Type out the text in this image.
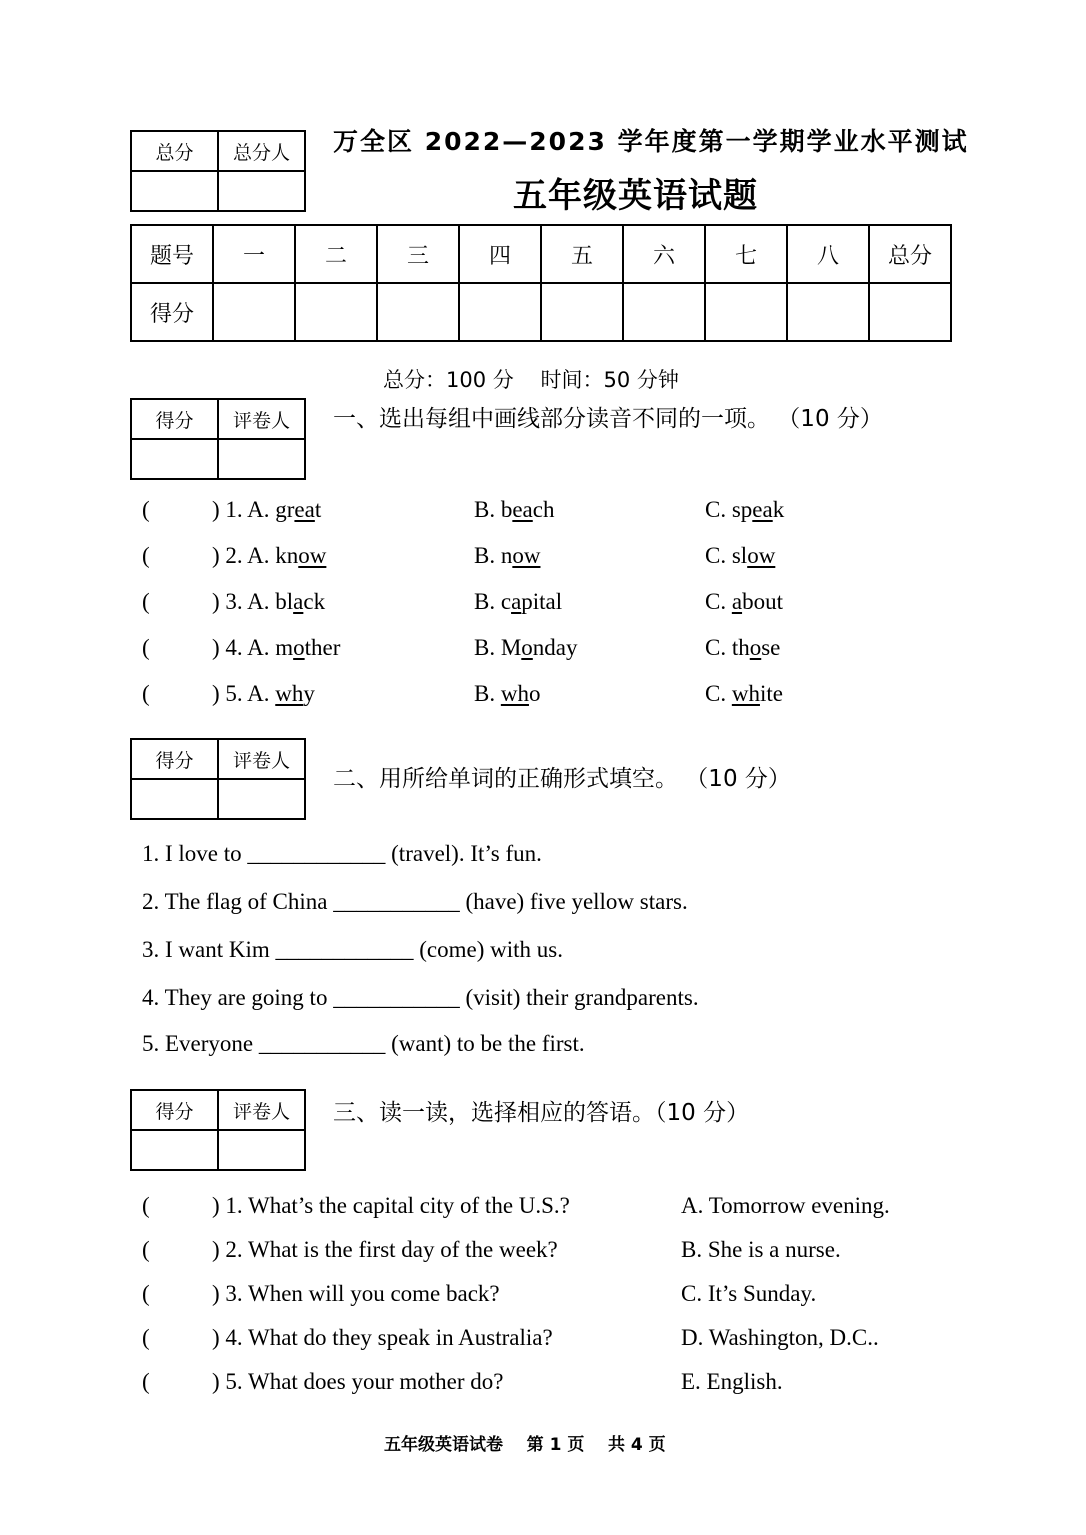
总分	总分人
	万全区 2022—2023 学年度第一学期学业水平测试
五年级英语试题
题号	一	二	三	四	五	六	七	八	总分
得分									
总分：100 分    时间：50 分钟
得分	评卷人
	一、选出每组中画线部分读音不同的一项。 （10 分）
(	) 1. A. great	B. beach	C. speak
(	) 2. A. know	B. now	C. slow
(	) 3. A. black	B. capital	C. about
(	) 4. A. mother	B. Monday	C. those
(	) 5. A. why	B. who	C. white
得分	评卷人

二、用所给单词的正确形式填空。 （10 分）
1. I love to ____________ (travel). It’s fun.
2. The flag of China ___________ (have) five yellow stars.
3. I want Kim ____________ (come) with us.
4. They are going to ___________ (visit) their grandparents.
5. Everyone ___________ (want) to be the first.
得分	评卷人
	三、读一读，选择相应的答语。（10 分）
(	) 1. What’s the capital city of the U.S.?	A. Tomorrow evening.
(	) 2. What is the first day of the week?	B. She is a nurse.
(	) 3. When will you come back?	C. It’s Sunday.
(	) 4. What do they speak in Australia?	D. Washington, D.C..
(	) 5. What does your mother do?	E. English.
五年级英语试卷    第 1 页    共 4 页
